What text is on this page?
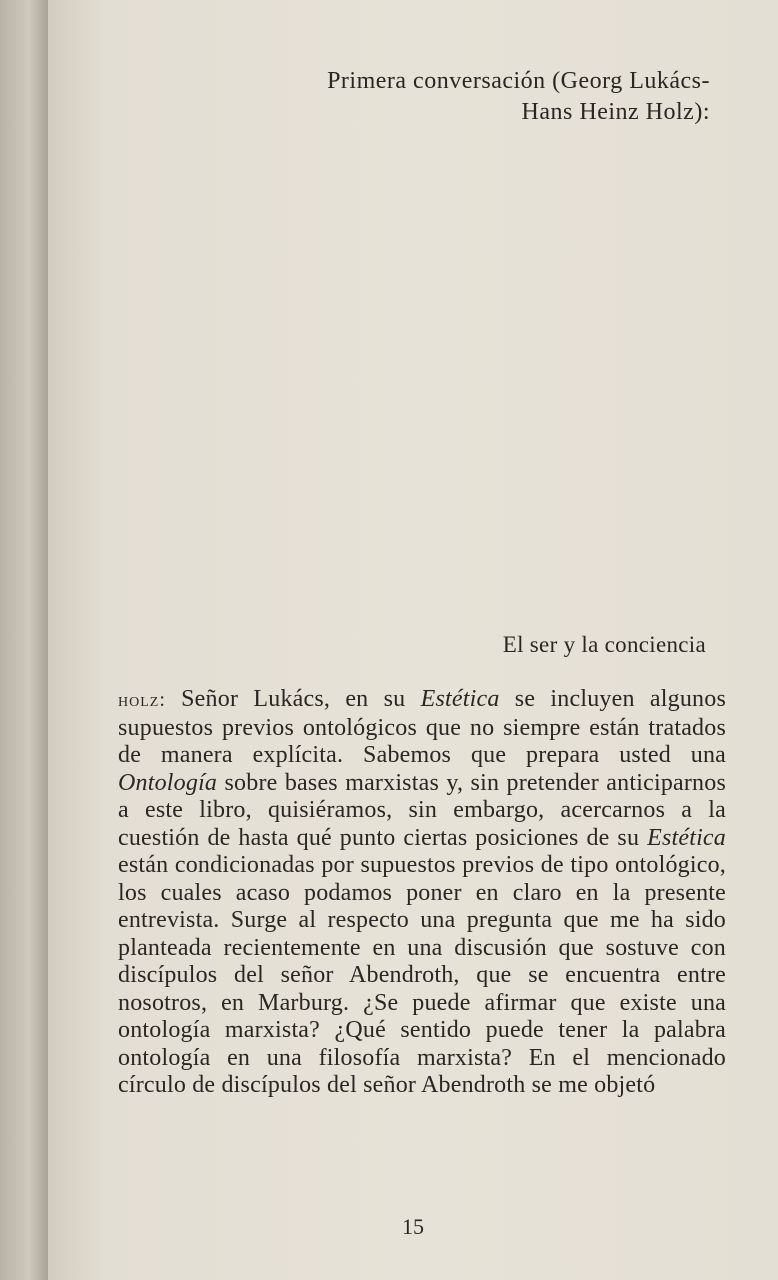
Primera conversación (Georg Lukács-
Hans Heinz Holz):
El ser y la conciencia
holz: Señor Lukács, en su Estética se incluyen algunos supuestos previos ontológicos que no siempre están tratados de manera explícita. Sabemos que prepara usted una Ontología sobre bases marxistas y, sin pretender anticiparnos a este libro, quisiéramos, sin embargo, acercarnos a la cuestión de hasta qué punto ciertas posiciones de su Estética están condicionadas por supuestos previos de tipo ontológico, los cuales acaso podamos poner en claro en la presente entrevista. Surge al respecto una pregunta que me ha sido planteada recientemente en una discusión que sostuve con discípulos del señor Abendroth, que se encuentra entre nosotros, en Marburg. ¿Se puede afirmar que existe una ontología marxista? ¿Qué sentido puede tener la palabra ontología en una filosofía marxista? En el mencionado círculo de discípulos del señor Abendroth se me objetó
15
